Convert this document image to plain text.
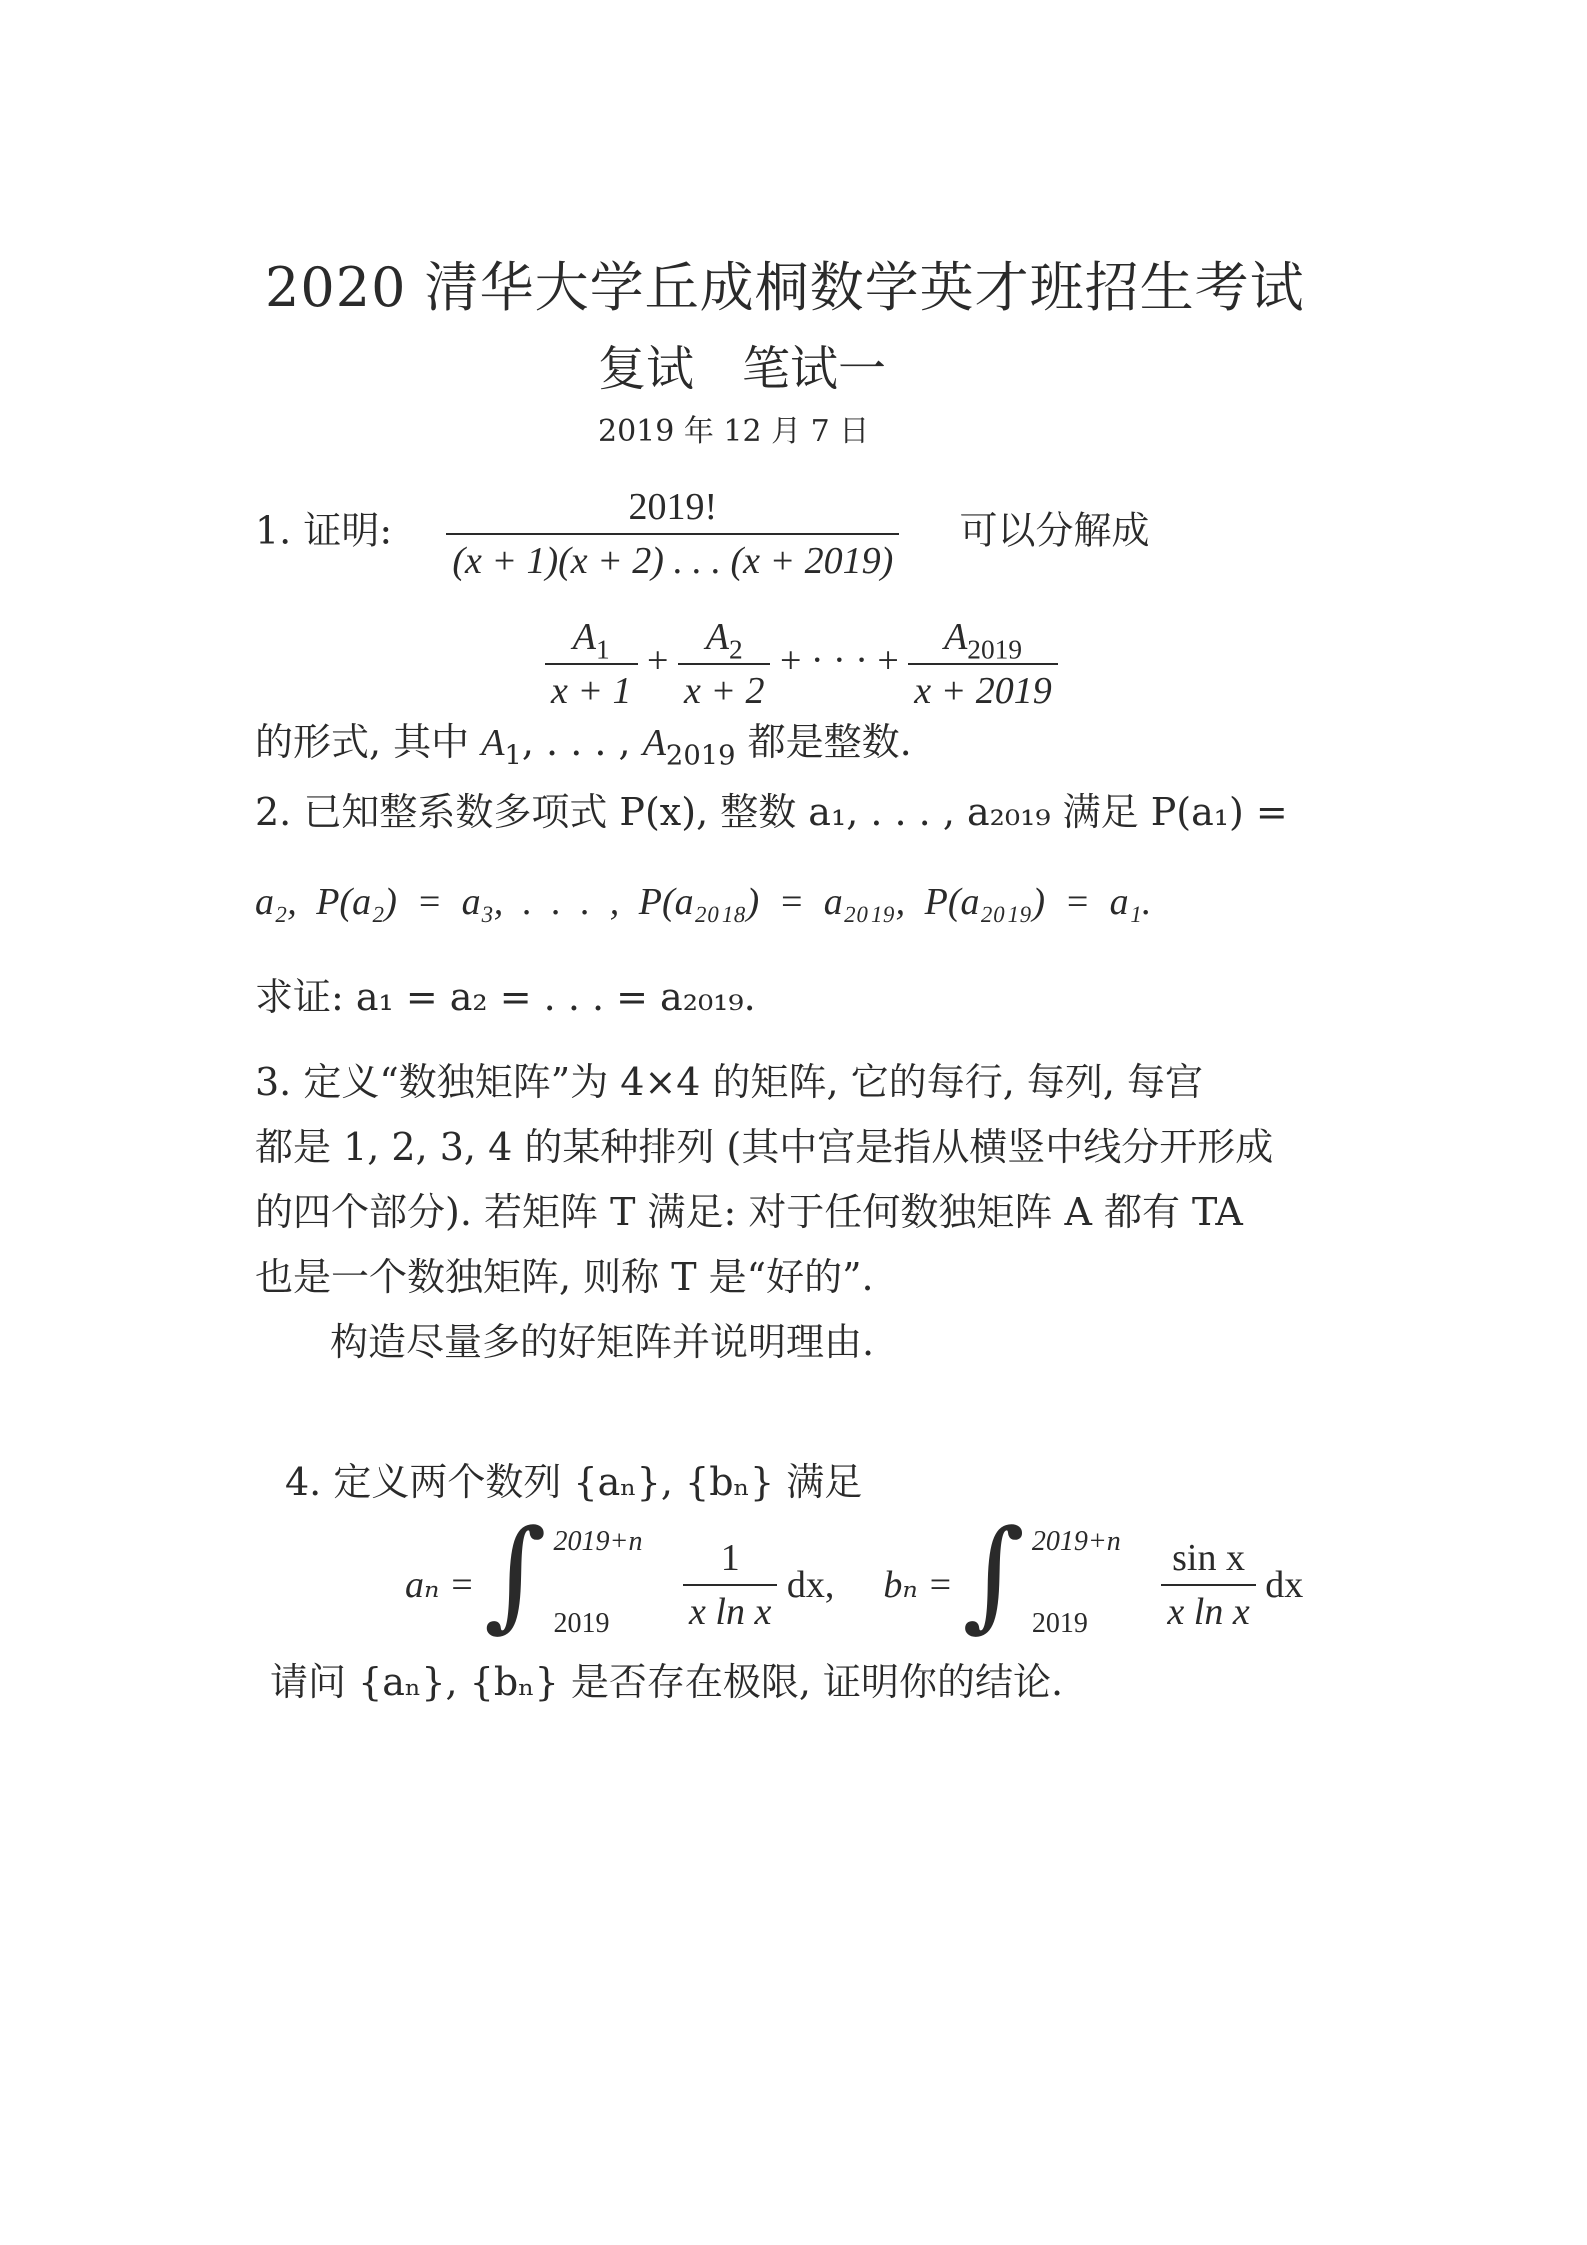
2020 清华大学丘成桐数学英才班招生考试
复试　笔试一
2019 年 12 月 7 日
1. 证明: $\frac{2019!}{(x + 1)(x + 2) . . . (x + 2019)}$ 可以分解成
$\frac{A_1}{x + 1} + \frac{A_2}{x + 2}$ + · · · + $\frac{A_{2019}}{x + 2019}$
的形式, 其中 $A_1$, . . . , $A_{2019}$ 都是整数.
2. 已知整系数多项式 P(x), 整数 a₁, . . . , a₂₀₁₉ 满足 P(a₁) =
a₂, P(a₂) = a₃, . . . , P(a₂₀₁₈) = a₂₀₁₉, P(a₂₀₁₉) = a₁.
求证: a₁ = a₂ = . . . = a₂₀₁₉.
3. 定义“数独矩阵”为 4×4 的矩阵, 它的每行, 每列, 每宫
都是 1, 2, 3, 4 的某种排列 (其中宫是指从横竖中线分开形成
的四个部分). 若矩阵 T 满足: 对于任何数独矩阵 A 都有 TA
也是一个数独矩阵, 则称 T 是“好的”.
构造尽量多的好矩阵并说明理由.
4. 定义两个数列 {aₙ}, {bₙ} 满足
aₙ = ∫
2019+n
2019
$\frac{1}{\text{x ln x}}$ dx, bₙ = ∫
2019+n
2019
$\frac{\text{sin x}}{\text{x ln x}}$ dx
请问 {aₙ}, {bₙ} 是否存在极限, 证明你的结论.
